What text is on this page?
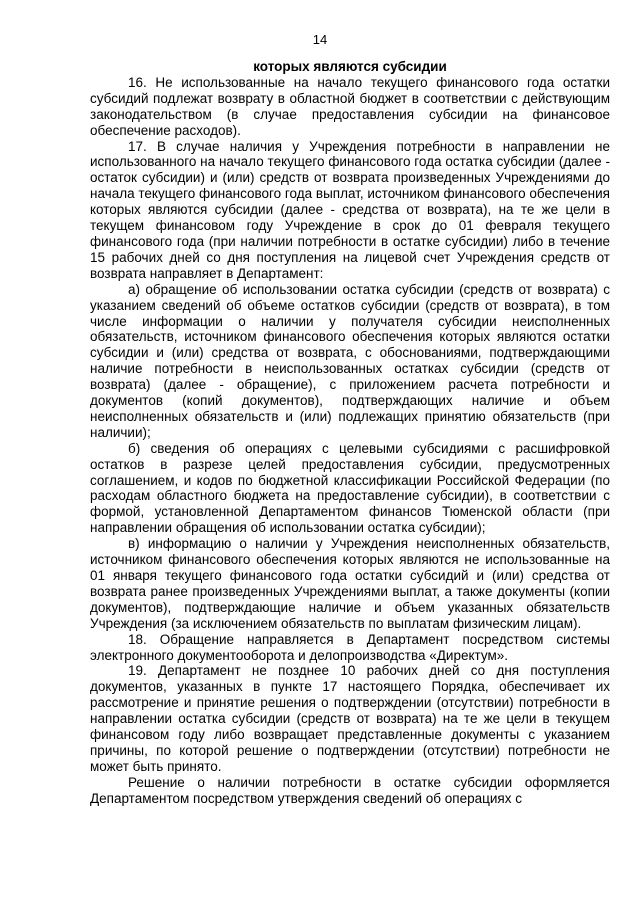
14

которых являются субсидии

16. Не использованные на начало текущего финансового года остатки субсидий подлежат возврату в областной бюджет в соответствии с действующим законодательством (в случае предоставления субсидии на финансовое обеспечение расходов).

17. В случае наличия у Учреждения потребности в направлении не использованного на начало текущего финансового года остатка субсидии (далее - остаток субсидии) и (или) средств от возврата произведенных Учреждениями до начала текущего финансового года выплат, источником финансового обеспечения которых являются субсидии (далее - средства от возврата), на те же цели в текущем финансовом году Учреждение в срок до 01 февраля текущего финансового года (при наличии потребности в остатке субсидии) либо в течение 15 рабочих дней со дня поступления на лицевой счет Учреждения средств от возврата направляет в Департамент:

а) обращение об использовании остатка субсидии (средств от возврата) с указанием сведений об объеме остатков субсидии (средств от возврата), в том числе информации о наличии у получателя субсидии неисполненных обязательств, источником финансового обеспечения которых являются остатки субсидии и (или) средства от возврата, с обоснованиями, подтверждающими наличие потребности в неиспользованных остатках субсидии (средств от возврата) (далее - обращение), с приложением расчета потребности и документов (копий документов), подтверждающих наличие и объем неисполненных обязательств и (или) подлежащих принятию обязательств (при наличии);

б) сведения об операциях с целевыми субсидиями с расшифровкой остатков в разрезе целей предоставления субсидии, предусмотренных соглашением, и кодов по бюджетной классификации Российской Федерации (по расходам областного бюджета на предоставление субсидии), в соответствии с формой, установленной Департаментом финансов Тюменской области (при направлении обращения об использовании остатка субсидии);

в) информацию о наличии у Учреждения неисполненных обязательств, источником финансового обеспечения которых являются не использованные на 01 января текущего финансового года остатки субсидий и (или) средства от возврата ранее произведенных Учреждениями выплат, а также документы (копии документов), подтверждающие наличие и объем указанных обязательств Учреждения (за исключением обязательств по выплатам физическим лицам).

18. Обращение направляется в Департамент посредством системы электронного документооборота и делопроизводства «Директум».

19. Департамент не позднее 10 рабочих дней со дня поступления документов, указанных в пункте 17 настоящего Порядка, обеспечивает их рассмотрение и принятие решения о подтверждении (отсутствии) потребности в направлении остатка субсидии (средств от возврата) на те же цели в текущем финансовом году либо возвращает представленные документы с указанием причины, по которой решение о подтверждении (отсутствии) потребности не может быть принято.

Решение о наличии потребности в остатке субсидии оформляется Департаментом посредством утверждения сведений об операциях с
